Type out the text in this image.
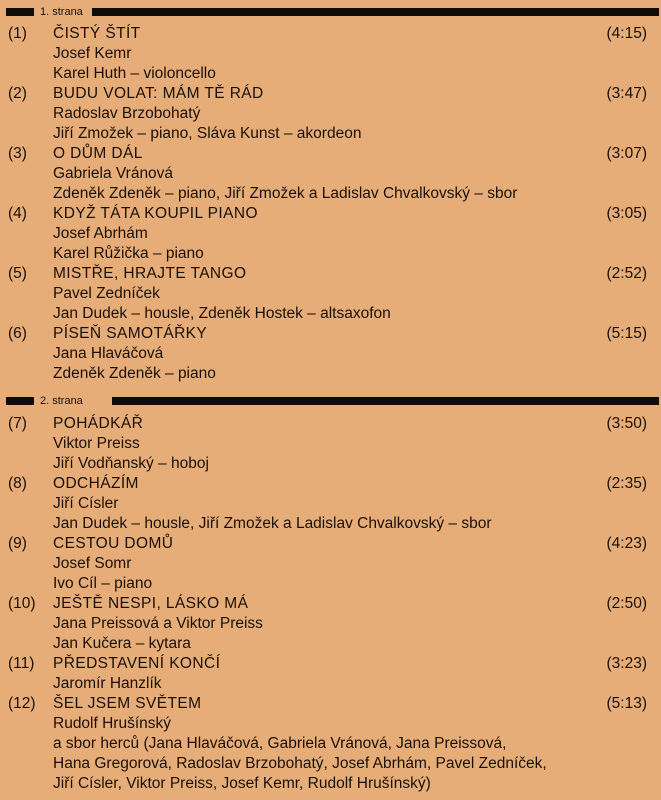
1. strana
(1) ČISTÝ ŠTÍT	(4:15)
Josef Kemr
Karel Huth – violoncello
(2) BUDU VOLAT: MÁM TĚ RÁD	(3:47)
Radoslav Brzobohatý
Jiří Zmožek – piano, Sláva Kunst – akordeon
(3) O DŮM DÁL	(3:07)
Gabriela Vránová
Zdeněk Zdeněk – piano, Jiří Zmožek a Ladislav Chvalkovský – sbor
(4) KDYŽ TÁTA KOUPIL PIANO	(3:05)
Josef Abrhám
Karel Růžička – piano
(5) MISTŘE, HRAJTE TANGO	(2:52)
Pavel Zedníček
Jan Dudek – housle, Zdeněk Hostek – altsaxofon
(6) PÍSEŇ SAMOTÁŘKY	(5:15)
Jana Hlaváčová
Zdeněk Zdeněk – piano
2. strana
(7) POHÁDKÁŘ	(3:50)
Viktor Preiss
Jiří Vodňanský – hoboj
(8) ODCHÁZÍM	(2:35)
Jiří Císler
Jan Dudek – housle, Jiří Zmožek a Ladislav Chvalkovský – sbor
(9) CESTOU DOMŮ	(4:23)
Josef Somr
Ivo Cíl – piano
(10) JEŠTĚ NESPI, LÁSKO MÁ	(2:50)
Jana Preissová a Viktor Preiss
Jan Kučera – kytara
(11) PŘEDSTAVENÍ KONČÍ	(3:23)
Jaromír Hanzlík
(12) ŠEL JSEM SVĚTEM	(5:13)
Rudolf Hrušínský
a sbor herců (Jana Hlaváčová, Gabriela Vránová, Jana Preissová,
Hana Gregorová, Radoslav Brzobohatý, Josef Abrhám, Pavel Zedníček,
Jiří Císler, Viktor Preiss, Josef Kemr, Rudolf Hrušínský)
